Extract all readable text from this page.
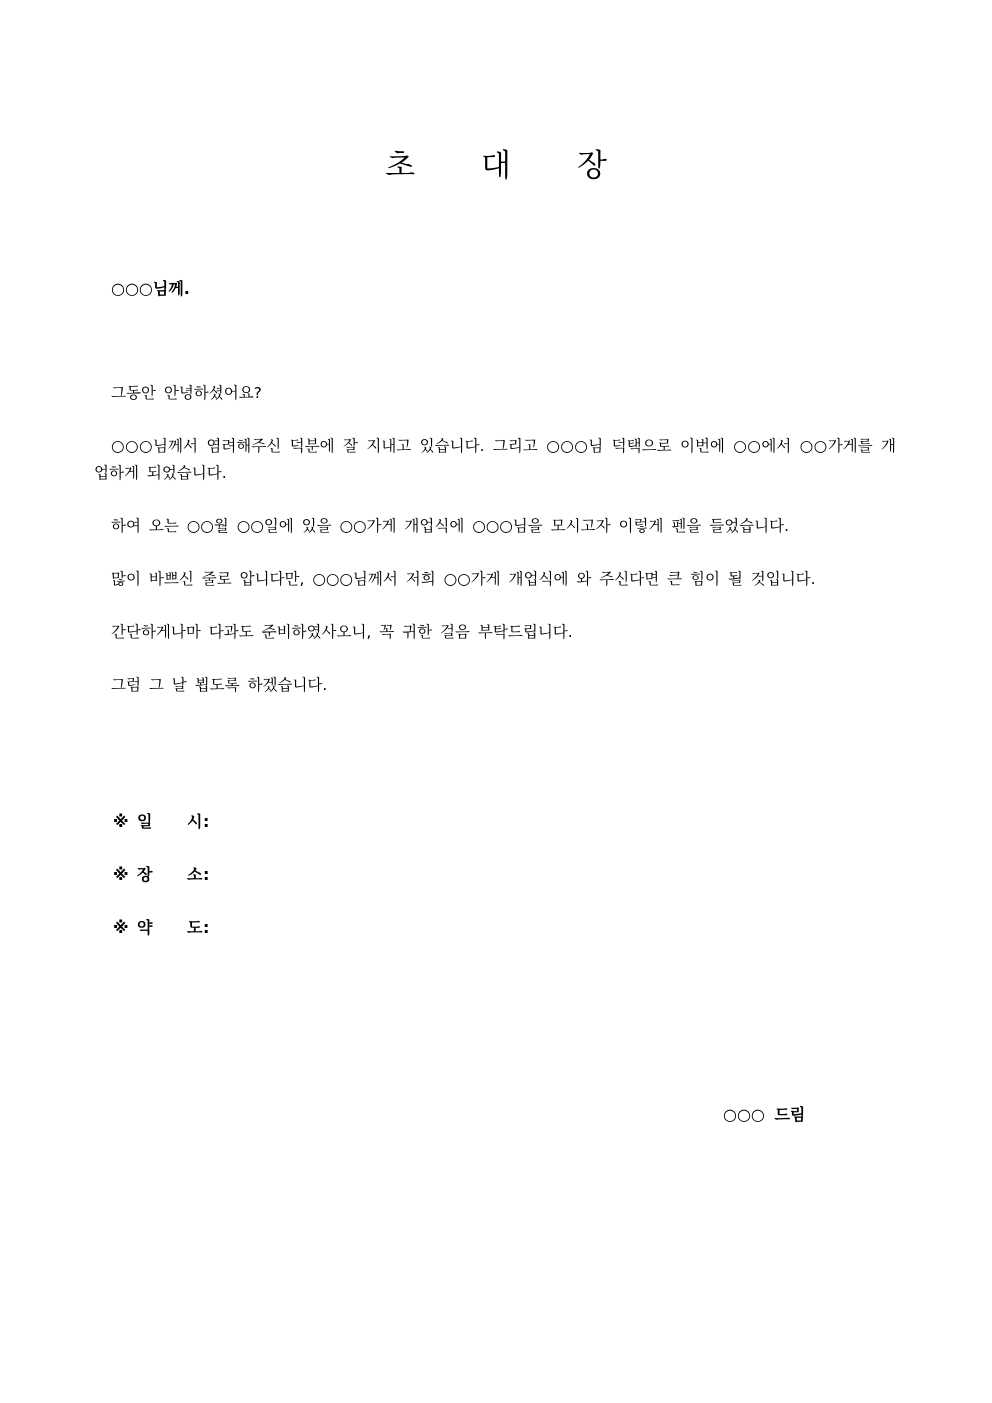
초대장
○○○님께.

그동안 안녕하셨어요?

○○○님께서 염려해주신 덕분에 잘 지내고 있습니다. 그리고 ○○○님 덕택으로 이번에 ○○에서 ○○가게를 개업하게 되었습니다.

하여 오는 ○○월 ○○일에 있을 ○○가게 개업식에 ○○○님을 모시고자 이렇게 펜을 들었습니다.

많이 바쁘신 줄로 압니다만, ○○○님께서 저희 ○○가게 개업식에 와 주신다면 큰 힘이 될 것입니다.

간단하게나마 다과도 준비하였사오니, 꼭 귀한 걸음 부탁드립니다.

그럼 그 날 뵙도록 하겠습니다.

※ 일	시 :
※ 장	소 :
※ 약	도 :
○○○ 드림
